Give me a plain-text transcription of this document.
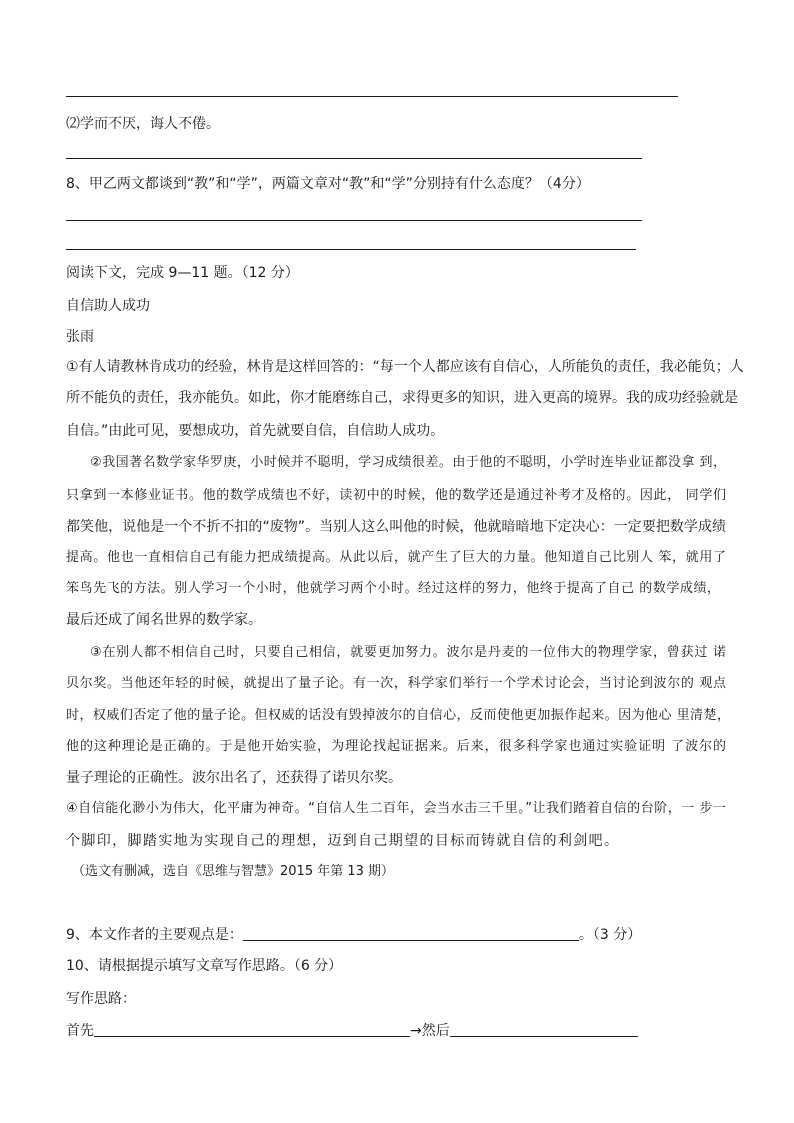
⑵学而不厌，诲人不倦。
8、甲乙两文都谈到“教”和“学”，两篇文章对“教”和“学”分别持有什么态度？（4分）
阅读下文，完成 9—11 题。（12 分）
自信助人成功
张雨
①有人请教林肯成功的经验，林肯是这样回答的：“每一个人都应该有自信心，人所能负的责任，我必能负；人
所不能负的责任，我亦能负。如此，你才能磨练自己，求得更多的知识，进入更高的境界。我的成功经验就是
自信。”由此可见，要想成功，首先就要自信，自信助人成功。
②我国著名数学家华罗庚，小时候并不聪明，学习成绩很差。由于他的不聪明，小学时连毕业证都没拿 到，
只拿到一本修业证书。他的数学成绩也不好，读初中的时候，他的数学还是通过补考才及格的。因此， 同学们
都笑他，说他是一个不折不扣的“废物”。当别人这么叫他的时候，他就暗暗地下定决心：一定要把数学成绩
提高。他也一直相信自己有能力把成绩提高。从此以后，就产生了巨大的力量。他知道自己比别人 笨，就用了
笨鸟先飞的方法。别人学习一个小时，他就学习两个小时。经过这样的努力，他终于提高了自己 的数学成绩，
最后还成了闻名世界的数学家。
③在别人都不相信自己时，只要自己相信，就要更加努力。波尔是丹麦的一位伟大的物理学家，曾获过 诺
贝尔奖。当他还年轻的时候，就提出了量子论。有一次，科学家们举行一个学术讨论会，当讨论到波尔的 观点
时，权威们否定了他的量子论。但权威的话没有毁掉波尔的自信心，反而使他更加振作起来。因为他心 里清楚，
他的这种理论是正确的。于是他开始实验，为理论找起证据来。后来，很多科学家也通过实验证明 了波尔的
量子理论的正确性。波尔出名了，还获得了诺贝尔奖。
④自信能化渺小为伟大，化平庸为神奇。“自信人生二百年，会当水击三千里。”让我们踏着自信的台阶，一 步一
个脚印，脚踏实地为实现自己的理想，迈到自己期望的目标而铸就自信的利剑吧。
（选文有删减，选自《思维与智慧》2015 年第 13 期）
9、本文作者的主要观点是：	。（3 分）
10、请根据提示填写文章写作思路。（6 分）
写作思路：
首先	→然后
